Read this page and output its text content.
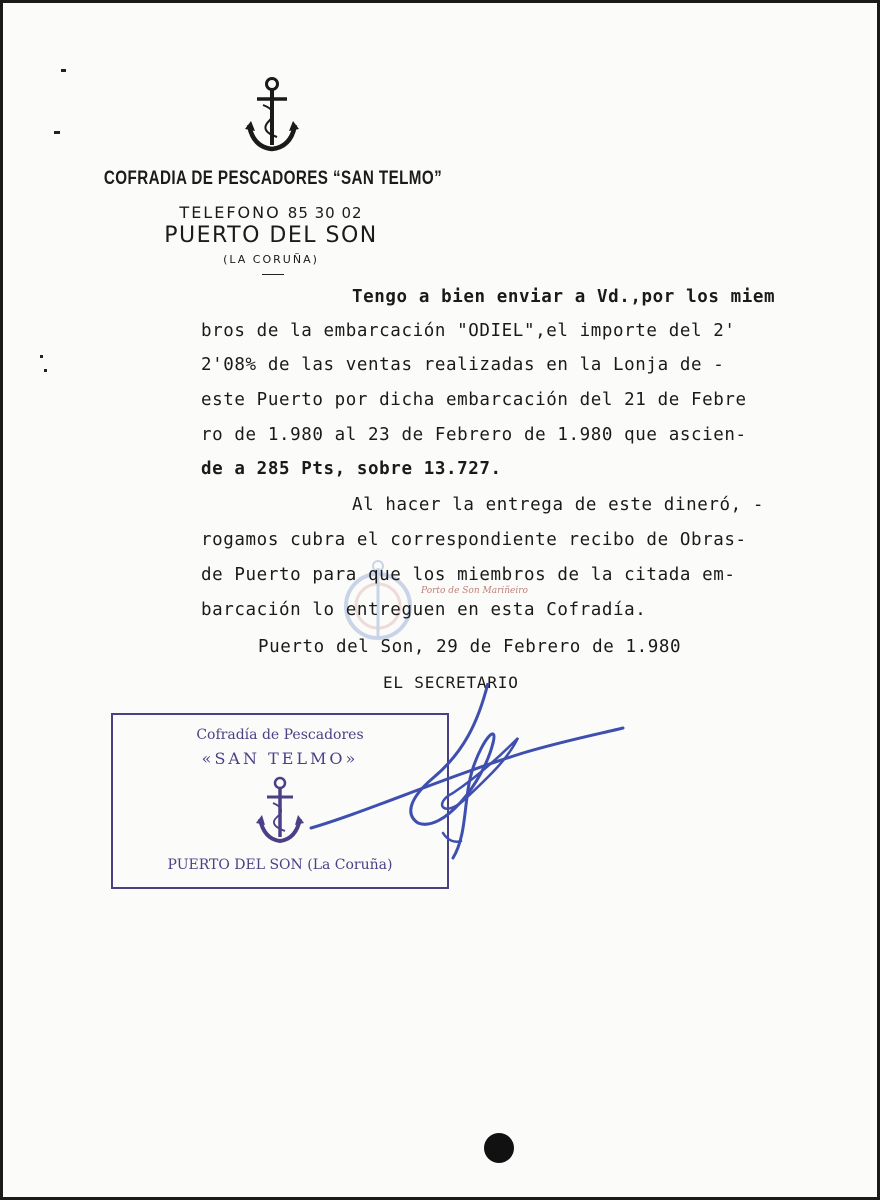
COFRADIA DE PESCADORES “SAN TELMO”
TELEFONO 85 30 02
PUERTO DEL SON
(LA CORUÑA)
Porto de Son Mariñeiro
Tengo a bien enviar a Vd.,por los miem
bros de la embarcación "ODIEL",el importe del 2'
2'08% de las ventas realizadas en la Lonja de -
este Puerto por dicha embarcación del 21 de Febre
ro de 1.980 al 23 de Febrero de 1.980 que ascien-
de a 285 Pts, sobre 13.727.
Al hacer la entrega de este dineró, -
rogamos cubra el correspondiente recibo de Obras-
de Puerto para que los miembros de la citada em-
barcación lo entreguen en esta Cofradía.
Puerto del Son, 29 de Febrero de 1.980
EL SECRETARIO
Cofradía de Pescadores
«SAN TELMO»
PUERTO DEL SON (La Coruña)
